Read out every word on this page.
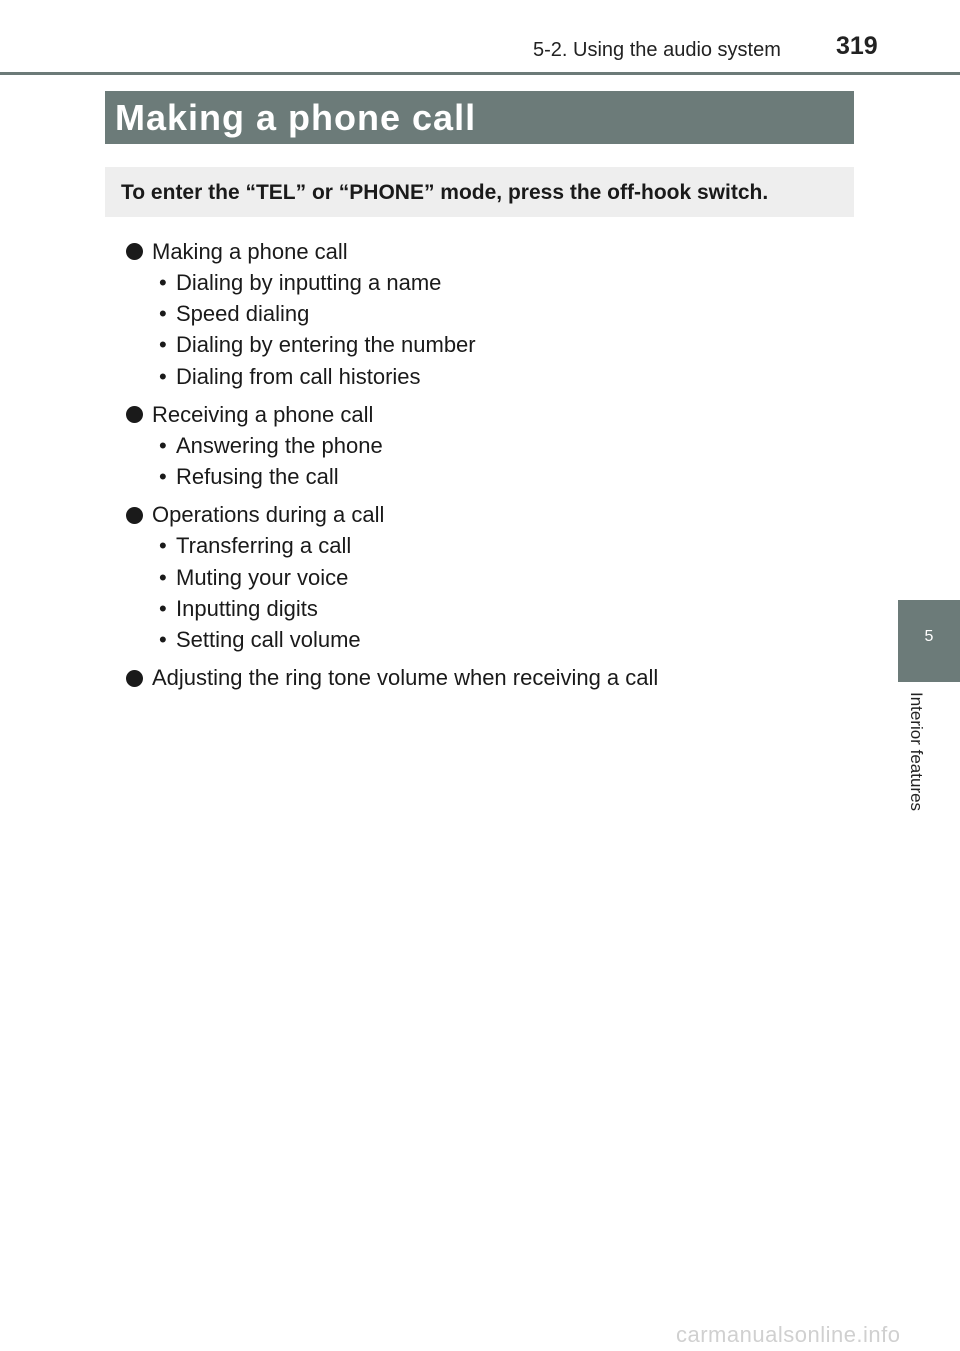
5-2. Using the audio system 319
Making a phone call
To enter the “TEL” or “PHONE” mode, press the off-hook switch.
Making a phone call
• Dialing by inputting a name
• Speed dialing
• Dialing by entering the number
• Dialing from call histories
Receiving a phone call
• Answering the phone
• Refusing the call
Operations during a call
• Transferring a call
• Muting your voice
• Inputting digits
• Setting call volume
Adjusting the ring tone volume when receiving a call
5
Interior features
carmanualsonline.info
